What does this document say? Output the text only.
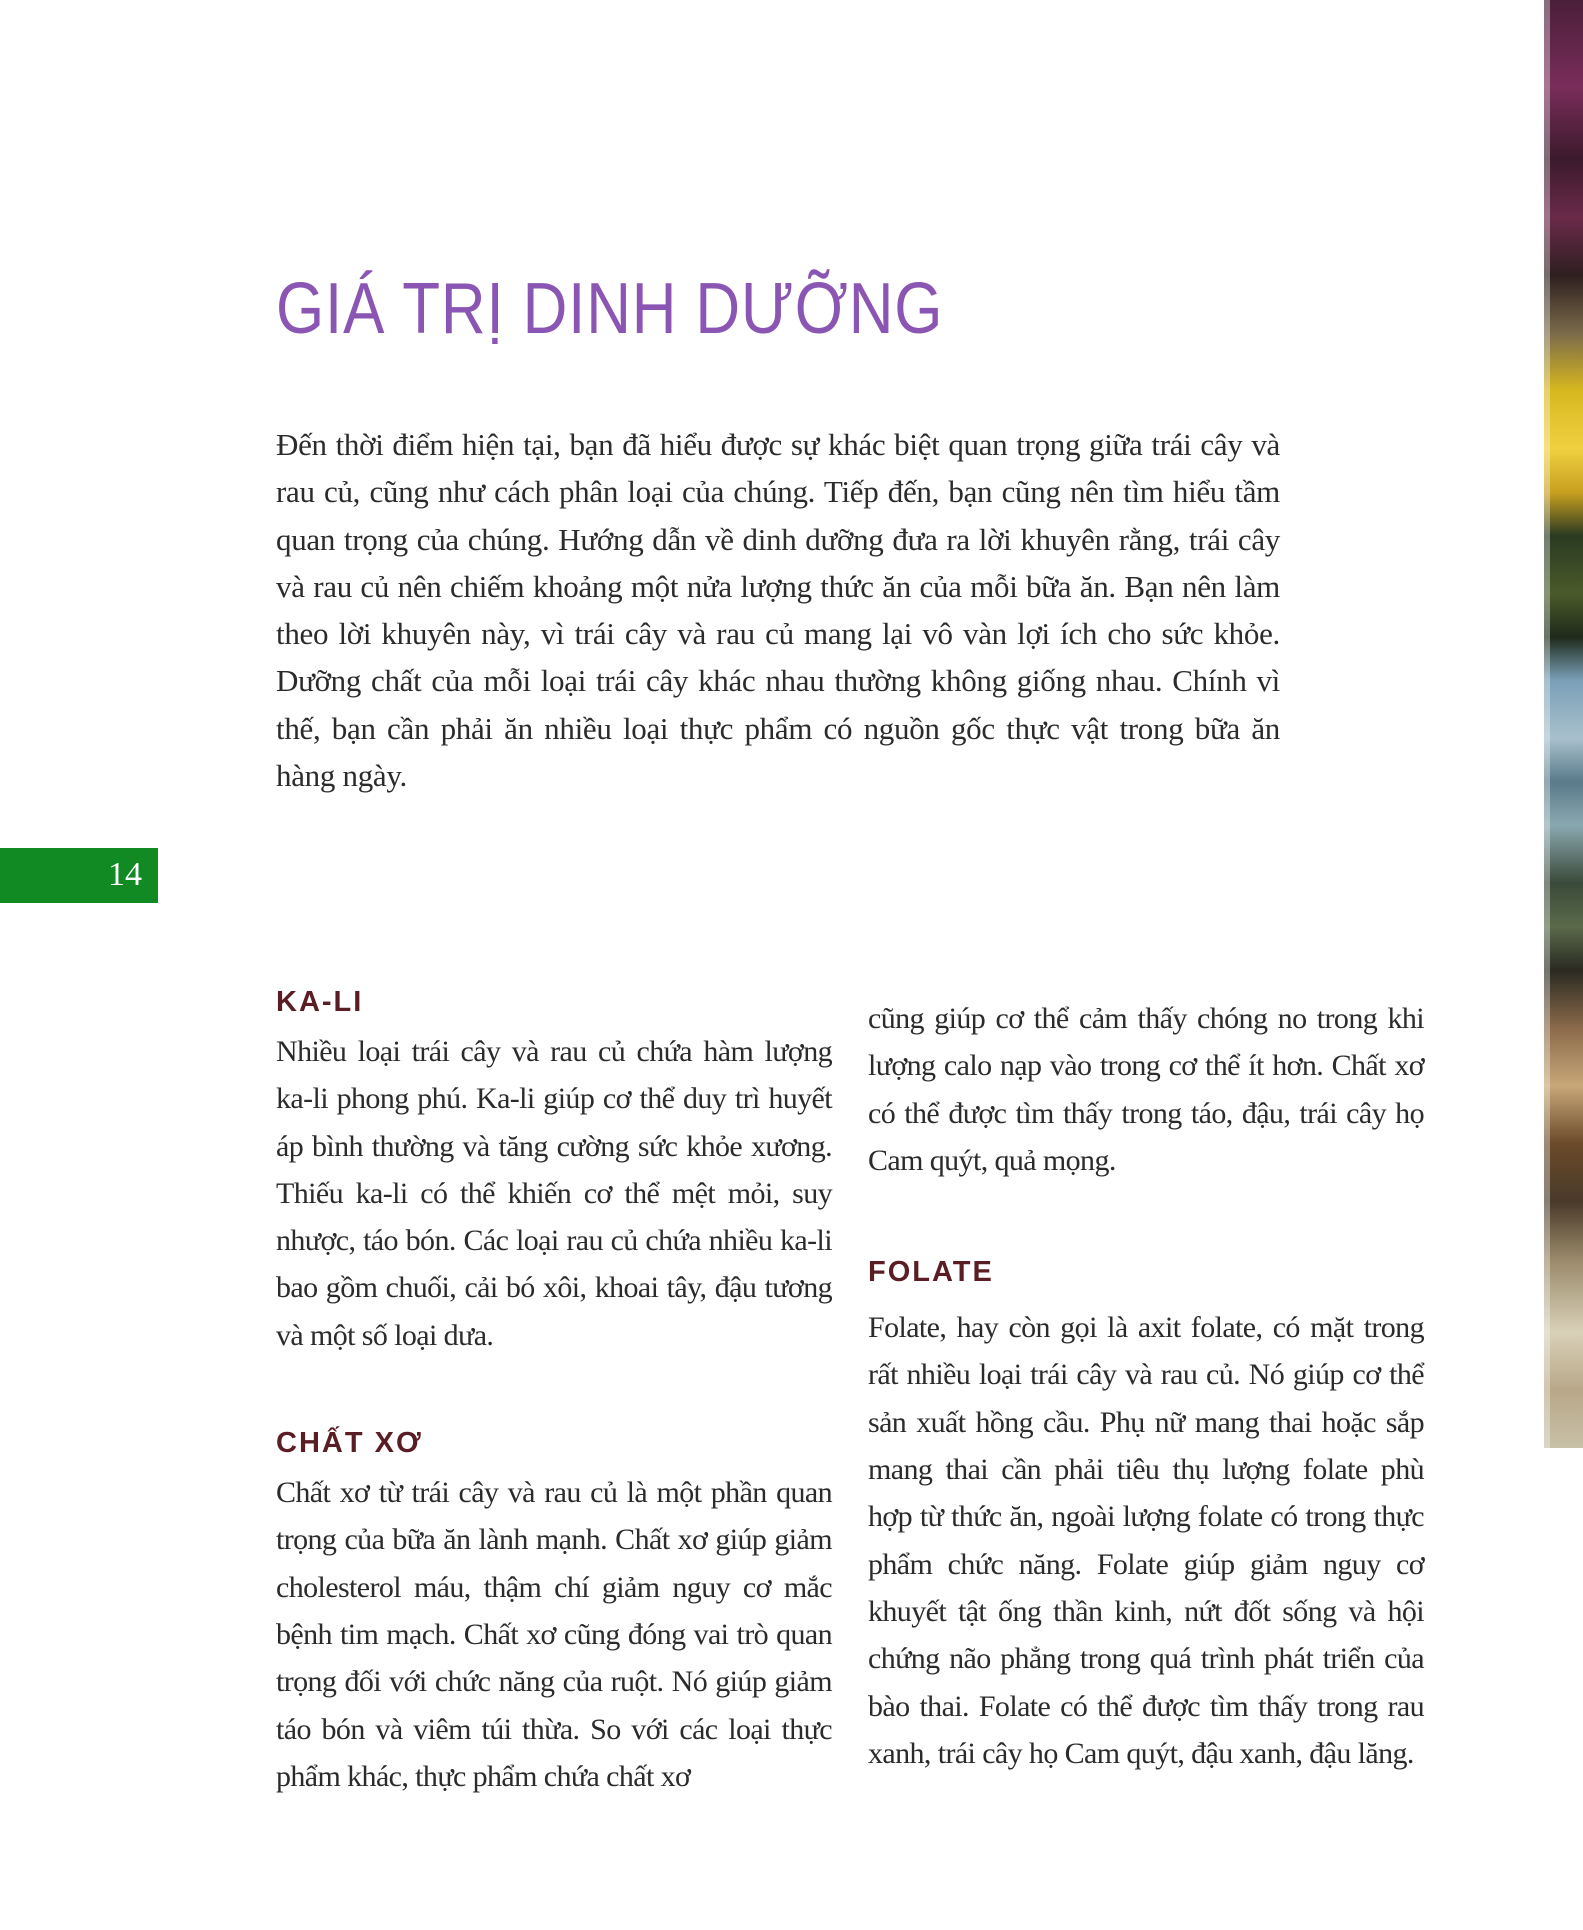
GIÁ TRỊ DINH DƯỠNG

Đến thời điểm hiện tại, bạn đã hiểu được sự khác biệt quan trọng giữa trái cây và rau củ, cũng như cách phân loại của chúng. Tiếp đến, bạn cũng nên tìm hiểu tầm quan trọng của chúng. Hướng dẫn về dinh dưỡng đưa ra lời khuyên rằng, trái cây và rau củ nên chiếm khoảng một nửa lượng thức ăn của mỗi bữa ăn. Bạn nên làm theo lời khuyên này, vì trái cây và rau củ mang lại vô vàn lợi ích cho sức khỏe. Dưỡng chất của mỗi loại trái cây khác nhau thường không giống nhau. Chính vì thế, bạn cần phải ăn nhiều loại thực phẩm có nguồn gốc thực vật trong bữa ăn hàng ngày.

14
KA-LI

Nhiều loại trái cây và rau củ chứa hàm lượng ka-li phong phú. Ka-li giúp cơ thể duy trì huyết áp bình thường và tăng cường sức khỏe xương. Thiếu ka-li có thể khiến cơ thể mệt mỏi, suy nhược, táo bón. Các loại rau củ chứa nhiều ka-li bao gồm chuối, cải bó xôi, khoai tây, đậu tương và một số loại dưa.

CHẤT XƠ

Chất xơ từ trái cây và rau củ là một phần quan trọng của bữa ăn lành mạnh. Chất xơ giúp giảm cholesterol máu, thậm chí giảm nguy cơ mắc bệnh tim mạch. Chất xơ cũng đóng vai trò quan trọng đối với chức năng của ruột. Nó giúp giảm táo bón và viêm túi thừa. So với các loại thực phẩm khác, thực phẩm chứa chất xơ

cũng giúp cơ thể cảm thấy chóng no trong khi lượng calo nạp vào trong cơ thể ít hơn. Chất xơ có thể được tìm thấy trong táo, đậu, trái cây họ Cam quýt, quả mọng.

FOLATE

Folate, hay còn gọi là axit folate, có mặt trong rất nhiều loại trái cây và rau củ. Nó giúp cơ thể sản xuất hồng cầu. Phụ nữ mang thai hoặc sắp mang thai cần phải tiêu thụ lượng folate phù hợp từ thức ăn, ngoài lượng folate có trong thực phẩm chức năng. Folate giúp giảm nguy cơ khuyết tật ống thần kinh, nứt đốt sống và hội chứng não phẳng trong quá trình phát triển của bào thai. Folate có thể được tìm thấy trong rau xanh, trái cây họ Cam quýt, đậu xanh, đậu lăng.
